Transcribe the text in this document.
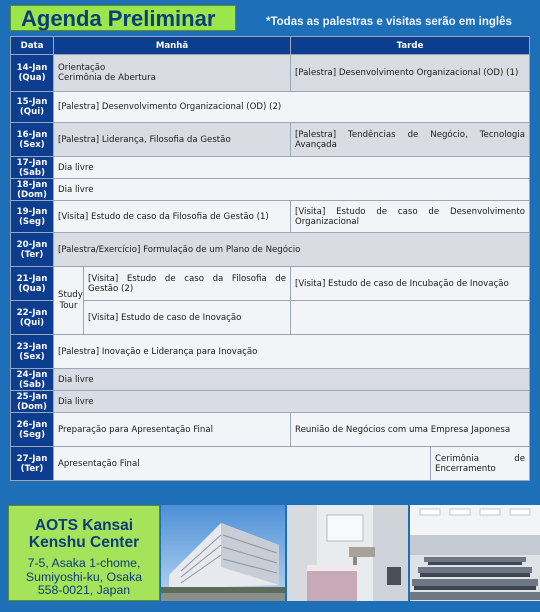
Agenda Preliminar	*Todas as palestras e visitas serão em inglês
Data	Manhã		Tarde	

14-Jan
(Qua)	Orientação
Cerimônia de Abertura		[Palestra] Desenvolvimento Organizacional (OD) (1)	

15-Jan
(Qui)	[Palestra] Desenvolvimento Organizacional (OD) (2)			

16-Jan
(Sex)	[Palestra] Liderança, Filosofia da Gestão		[Palestra] Tendências de Negócio, Tecnologia
Avançada	

17-Jan
(Sab)	Dia livre			

18-Jan
(Dom)	Dia livre			

19-Jan
(Seg)	[Visita] Estudo de caso da Filosofia de Gestão (1)		[Visita] Estudo de caso de Desenvolvimento
Organizacional	

20-Jan
(Ter)	[Palestra/Exercício] Formulação de um Plano de Negócio			

21-Jan
(Qua)	Study
Tour	[Visita] Estudo de caso da Filosofia de
Gestão (2)	[Visita] Estudo de caso de Incubação de Inovação	

22-Jan
(Qui)		[Visita] Estudo de caso de Inovação		

23-Jan
(Sex)	[Palestra] Inovação e Liderança para Inovação			

24-Jan
(Sab)	Dia livre			

25-Jan
(Dom)	Dia livre			

26-Jan
(Seg)	Preparação para Apresentação Final		Reunião de Negócios com uma Empresa Japonesa	

27-Jan
(Ter)	Apresentação Final			Cerimônia de
Encerramento
AOTS Kansai
Kenshu Center
7-5, Asaka 1-chome,
Sumiyoshi-ku, Osaka
558-0021, Japan
